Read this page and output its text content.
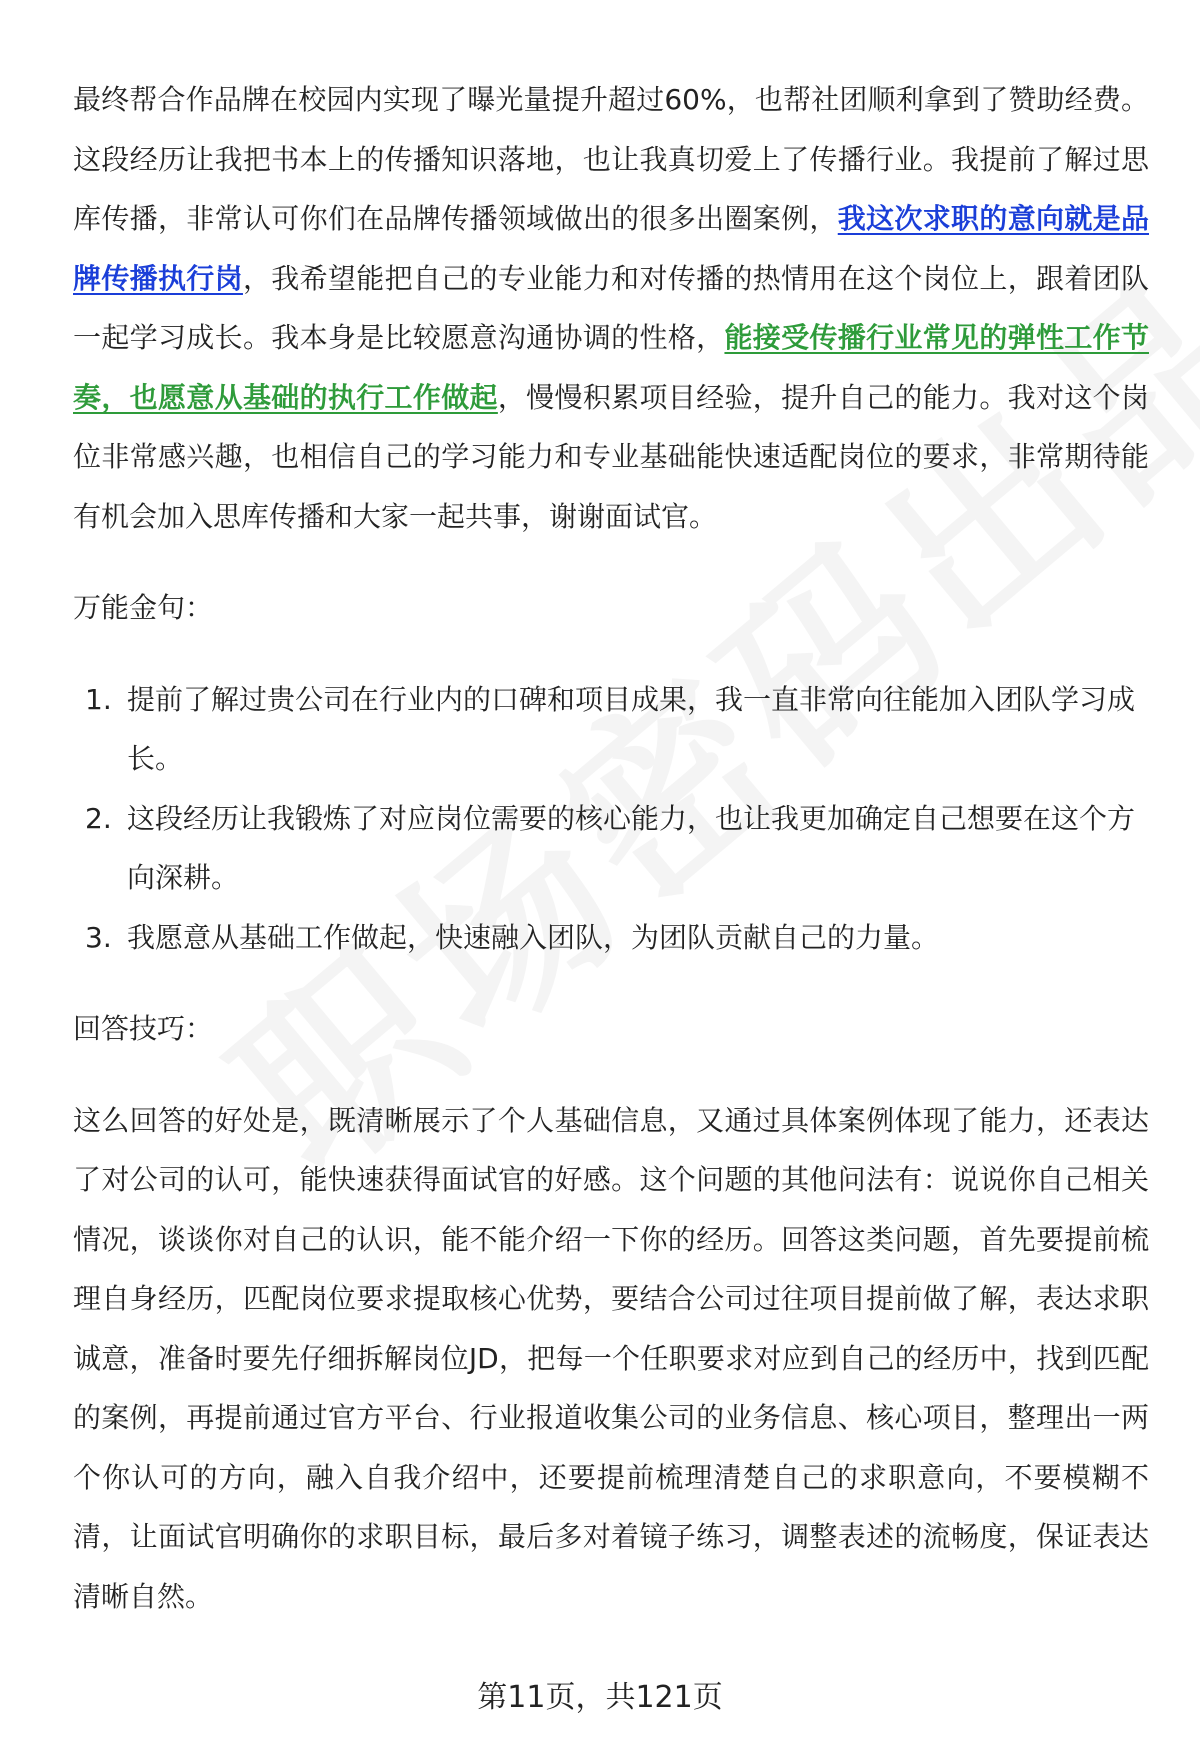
最终帮合作品牌在校园内实现了曝光量提升超过60%，也帮社团顺利拿到了赞助经费。这段经历让我把书本上的传播知识落地，也让我真切爱上了传播行业。我提前了解过思库传播，非常认可你们在品牌传播领域做出的很多出圈案例，我这次求职的意向就是品牌传播执行岗，我希望能把自己的专业能力和对传播的热情用在这个岗位上，跟着团队一起学习成长。我本身是比较愿意沟通协调的性格，能接受传播行业常见的弹性工作节奏，也愿意从基础的执行工作做起，慢慢积累项目经验，提升自己的能力。我对这个岗位非常感兴趣，也相信自己的学习能力和专业基础能快速适配岗位的要求，非常期待能有机会加入思库传播和大家一起共事，谢谢面试官。

万能金句：

1. 提前了解过贵公司在行业内的口碑和项目成果，我一直非常向往能加入团队学习成长。
2. 这段经历让我锻炼了对应岗位需要的核心能力，也让我更加确定自己想要在这个方向深耕。
3. 我愿意从基础工作做起，快速融入团队，为团队贡献自己的力量。

回答技巧：

这么回答的好处是，既清晰展示了个人基础信息，又通过具体案例体现了能力，还表达了对公司的认可，能快速获得面试官的好感。这个问题的其他问法有：说说你自己相关情况，谈谈你对自己的认识，能不能介绍一下你的经历。回答这类问题，首先要提前梳理自身经历，匹配岗位要求提取核心优势，要结合公司过往项目提前做了解，表达求职诚意，准备时要先仔细拆解岗位JD，把每一个任职要求对应到自己的经历中，找到匹配的案例，再提前通过官方平台、行业报道收集公司的业务信息、核心项目，整理出一两个你认可的方向，融入自我介绍中，还要提前梳理清楚自己的求职意向，不要模糊不清，让面试官明确你的求职目标，最后多对着镜子练习，调整表述的流畅度，保证表达清晰自然。

第11页，共121页
